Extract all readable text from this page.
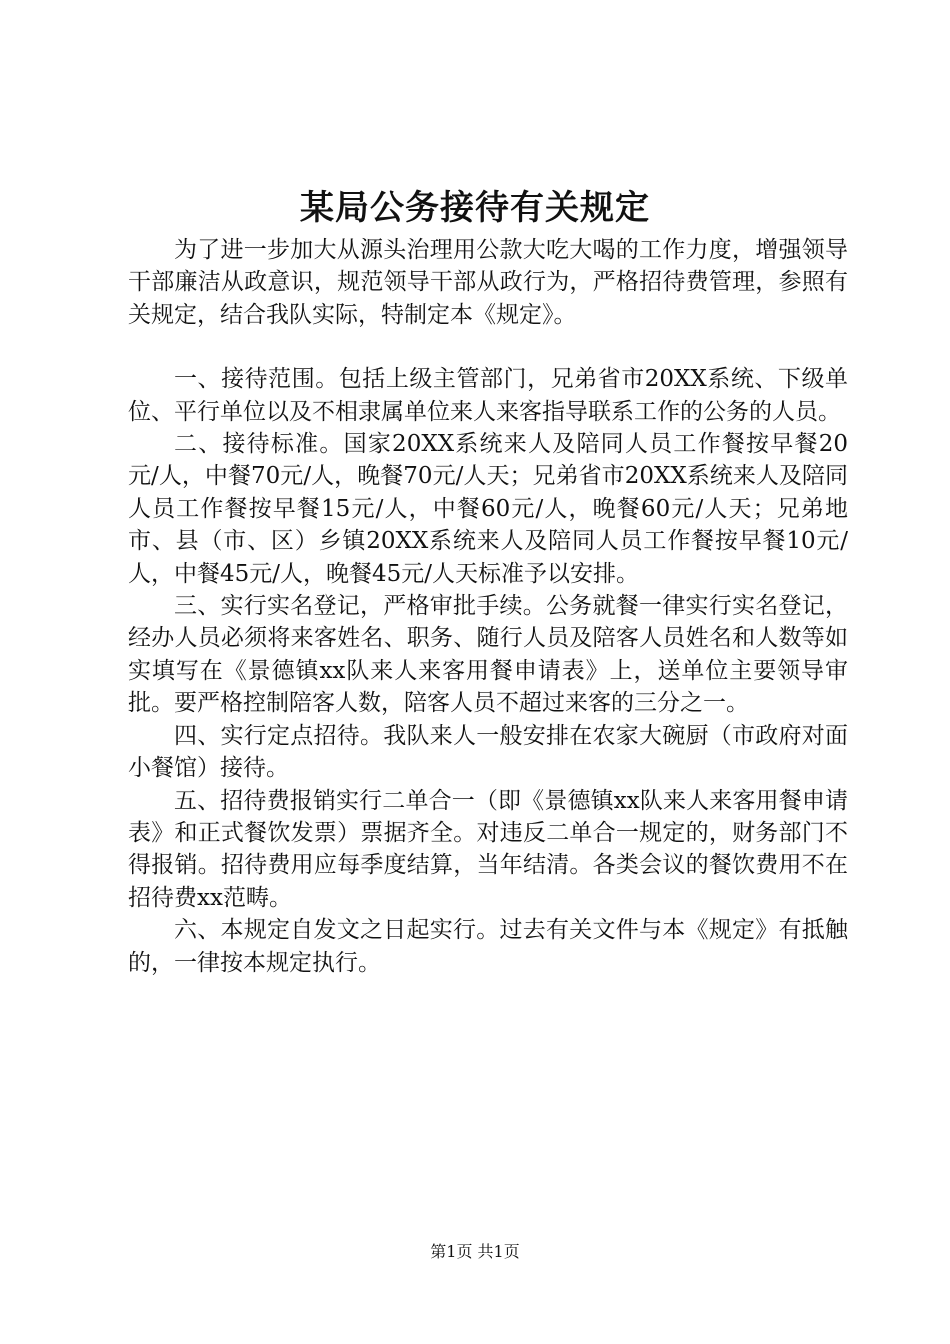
某局公务接待有关规定

为了进一步加大从源头治理用公款大吃大喝的工作力度，增强领导干部廉洁从政意识，规范领导干部从政行为，严格招待费管理，参照有关规定，结合我队实际，特制定本《规定》。

一、接待范围。包括上级主管部门，兄弟省市20XX系统、下级单位、平行单位以及不相隶属单位来人来客指导联系工作的公务的人员。

二、接待标准。国家20XX系统来人及陪同人员工作餐按早餐20元/人，中餐70元/人，晚餐70元/人天；兄弟省市20XX系统来人及陪同人员工作餐按早餐15元/人，中餐60元/人，晚餐60元/人天；兄弟地市、县（市、区）乡镇20XX系统来人及陪同人员工作餐按早餐10元/人，中餐45元/人，晚餐45元/人天标准予以安排。

三、实行实名登记，严格审批手续。公务就餐一律实行实名登记，经办人员必须将来客姓名、职务、随行人员及陪客人员姓名和人数等如实填写在《景德镇xx队来人来客用餐申请表》上，送单位主要领导审批。要严格控制陪客人数，陪客人员不超过来客的三分之一。

四、实行定点招待。我队来人一般安排在农家大碗厨（市政府对面小餐馆）接待。

五、招待费报销实行二单合一（即《景德镇xx队来人来客用餐申请表》和正式餐饮发票）票据齐全。对违反二单合一规定的，财务部门不得报销。招待费用应每季度结算，当年结清。各类会议的餐饮费用不在招待费xx范畴。

六、本规定自发文之日起实行。过去有关文件与本《规定》有抵触的，一律按本规定执行。

第1页 共1页
